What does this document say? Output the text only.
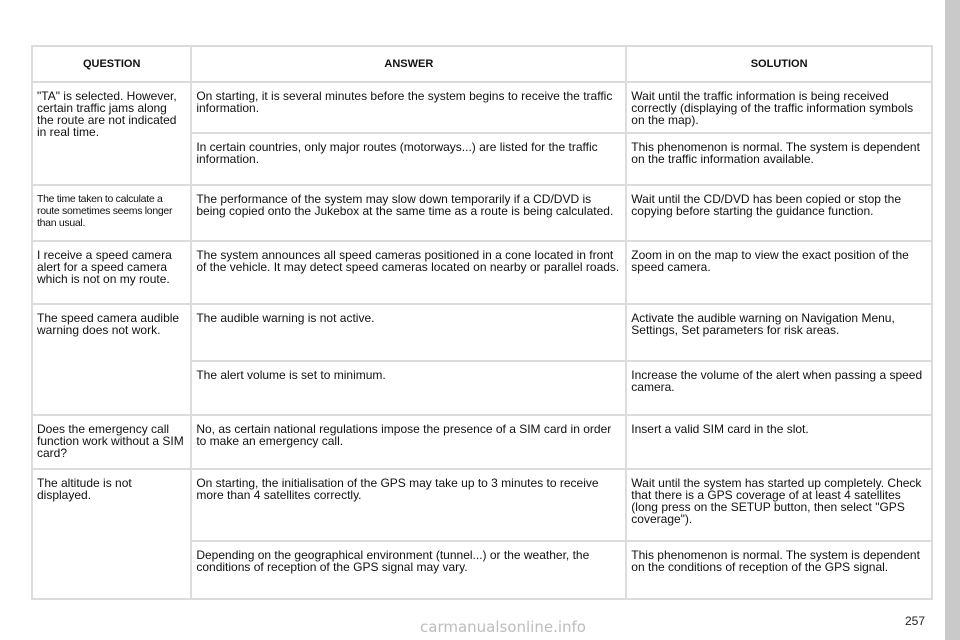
QUESTION	ANSWER	SOLUTION

"TA" is selected. However, certain traffic jams along the route are not indicated in real time.	On starting, it is several minutes before the system begins to receive the traffic information.	Wait until the traffic information is being received correctly (displaying of the traffic information symbols on the map).

	In certain countries, only major routes (motorways...) are listed for the traffic information.	This phenomenon is normal. The system is dependent on the traffic information available.

The time taken to calculate a route sometimes seems longer than usual.	The performance of the system may slow down temporarily if a CD/DVD is being copied onto the Jukebox at the same time as a route is being calculated.	Wait until the CD/DVD has been copied or stop the copying before starting the guidance function.

I receive a speed camera alert for a speed camera which is not on my route.	The system announces all speed cameras positioned in a cone located in front of the vehicle. It may detect speed cameras located on nearby or parallel roads.	Zoom in on the map to view the exact position of the speed camera.

The speed camera audible warning does not work.	The audible warning is not active.	Activate the audible warning on Navigation Menu, Settings, Set parameters for risk areas.

	The alert volume is set to minimum.	Increase the volume of the alert when passing a speed camera.

Does the emergency call function work without a SIM card?	No, as certain national regulations impose the presence of a SIM card in order to make an emergency call.	Insert a valid SIM card in the slot.

The altitude is not displayed.	On starting, the initialisation of the GPS may take up to 3 minutes to receive more than 4 satellites correctly.	Wait until the system has started up completely. Check that there is a GPS coverage of at least 4 satellites (long press on the SETUP button, then select "GPS coverage").

	Depending on the geographical environment (tunnel...) or the weather, the conditions of reception of the GPS signal may vary.	This phenomenon is normal. The system is dependent on the conditions of reception of the GPS signal.
carmanualsonline.info	257
